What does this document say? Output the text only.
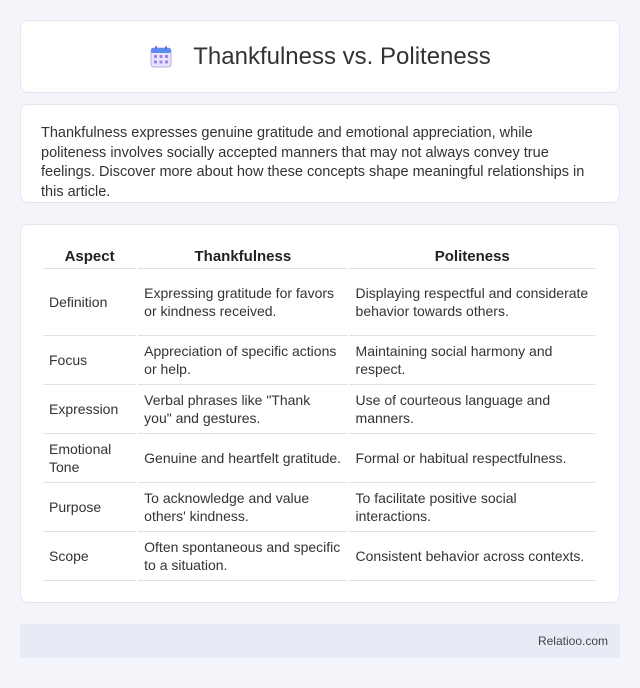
Thankfulness vs. Politeness

Thankfulness expresses genuine gratitude and emotional appreciation, while politeness involves socially accepted manners that may not always convey true feelings. Discover more about how these concepts shape meaningful relationships in this article.

Aspect	Thankfulness	Politeness
Definition	Expressing gratitude for favors or kindness received.	Displaying respectful and considerate behavior towards others.
Focus	Appreciation of specific actions or help.	Maintaining social harmony and respect.
Expression	Verbal phrases like "Thank you" and gestures.	Use of courteous language and manners.
Emotional Tone	Genuine and heartfelt gratitude.	Formal or habitual respectfulness.
Purpose	To acknowledge and value others' kindness.	To facilitate positive social interactions.
Scope	Often spontaneous and specific to a situation.	Consistent behavior across contexts.
Relatioo.com
